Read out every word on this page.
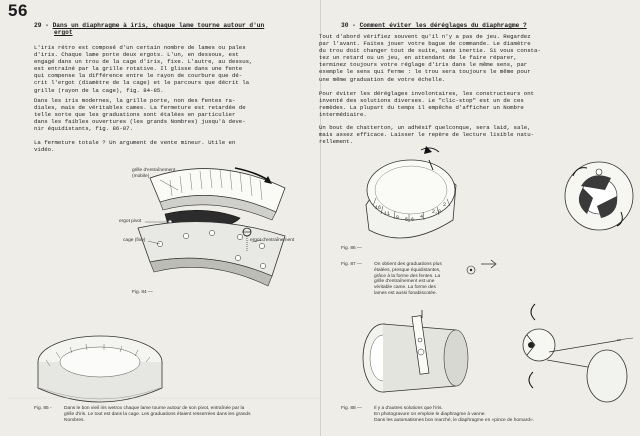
56
29 - Dans un diaphragme à iris, chaque lame tourne autour d'un
ergot
L'iris rétro est composé d'un certain nombre de lames ou pales
d'iris. Chaque lame porte deux ergots. L'un, en dessous, est
engagé dans un trou de la cage d'iris, fixe. L'autre, au dessus,
est entraîné par la grille rotative. Il glisse dans une fente
qui compense la différence entre le rayon de courbure que dé-
crit l'ergot (diamètre de la cage) et le parcours que décrit la
grille (rayon de la cage), fig. 84-85.
Dans les iris modernes, la grille porte, non des fentes ra-
diales, mais de véritables cames. La fermeture est retardée de
telle sorte que les graduations sont étalées en particulier
dans les faibles ouvertures (les grands Nombres) jusqu'à deve-
nir équidistants, fig. 86-87.
La fermeture totale ? Un argument de vente mineur. Utile en
vidéo.
grille d'entraînement
(mobile)
ergot pivot
cage (fixe)	ergot d'entraînement
Fig. 84 —
Fig. 85 -	Dans le bon vieil iris wetrox chaque lame tourne autour de son pivot, entraînée par la
grille d'iris. Le tout est dans la cage. Les graduations étaient resserrées dans les grands
Nombres.
30 - Comment éviter les déréglages du diaphragme ?
Tout d'abord vérifiez souvent qu'il n'y a pas de jeu. Regardez
par l'avant. Faites jouer votre bague de commande. Le diamètre
du trou doit changer tout de suite, sans inertie. Si vous consta-
tez un retard ou un jeu, en attendant de le faire réparer,
terminez toujours votre réglage d'iris dans le même sens, par
exemple le sens qui ferme : le trou sera toujours le même pour
une même graduation de votre échelle.
Pour éviter les déréglages involontaires, les constructeurs ont
inventé des solutions diverses. Le "clic-stop" est un de ces
remèdes. La plupart du temps il empêche d'afficher un Nombre
intermédiaire.
Un bout de chatterton, un adhésif quelconque, sera laid, sale,
mais assez efficace. Laisser le repère de lecture lisible natu-
rellement.
16
11
8 5,6 4
2,8
2
Fig. 86 —
Fig. 87 —	On obtient des graduations plus
étalées, presque équidistantes,
grâce à la forme des fentes. La
grille d'entraînement est une
véritable came. La forme des
lames est aussi fonabiscotée.
Fig. 88 —	Il y a d'autres solutions que l'iris.
En photogravure on emploie le diaphragme à vanne.
Dans les automatismes bon marché, le diaphragme en «pince de homard».
